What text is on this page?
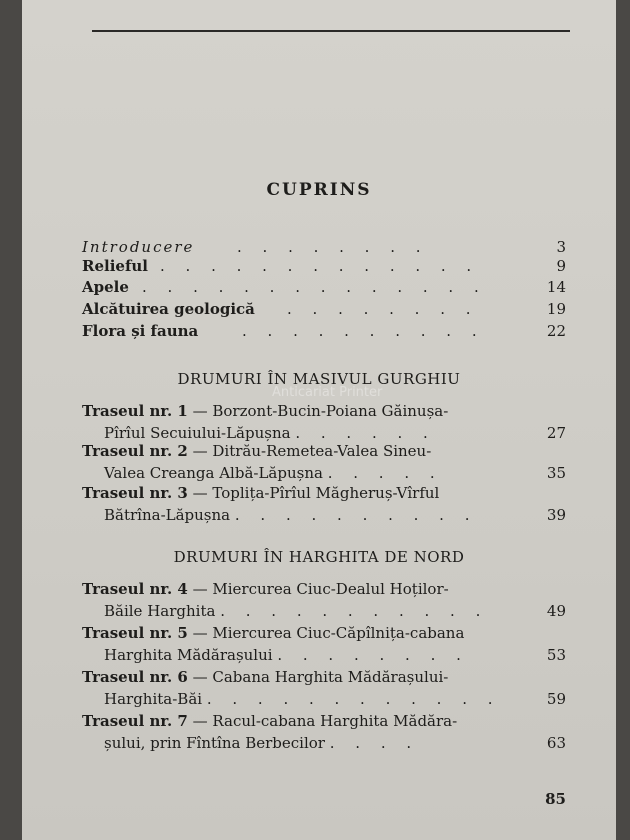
CUPRINS
Introducere	. . . . . . . .	3
Relieful . . . . . . . . . . . . .	9
Apele . . . . . . . . . . . . . .	14
Alcătuirea geologică . . . . . . . .	19
Flora și fauna	. . . . . . . . . .	22
DRUMURI ÎN MASIVUL GURGHIU
Anticariat Printer
Traseul nr. 1 — Borzont-Bucin-Poiana Găinușa-
Pîrîul Secuiului-Lăpușna . . . . . .	27
Traseul nr. 2 — Ditrău-Remetea-Valea Sineu-
Valea Creanga Albă-Lăpușna . . . . .	35
Traseul nr. 3 — Toplița-Pîrîul Măgheruș-Vîrful
Bătrîna-Lăpușna . . . . . . . . . .	39
DRUMURI ÎN HARGHITA DE NORD
Traseul nr. 4 — Miercurea Ciuc-Dealul Hoților-
Băile Harghita . . . . . . . . . . .	49
Traseul nr. 5 — Miercurea Ciuc-Căpîlnița-cabana
Harghita Mădărașului . . . . . . . .	53
Traseul nr. 6 — Cabana Harghita Mădărașului-
Harghita-Băi . . . . . . . . . . . .	59
Traseul nr. 7 — Racul-cabana Harghita Mădăra-
șului, prin Fîntîna Berbecilor . . . .	63
85
